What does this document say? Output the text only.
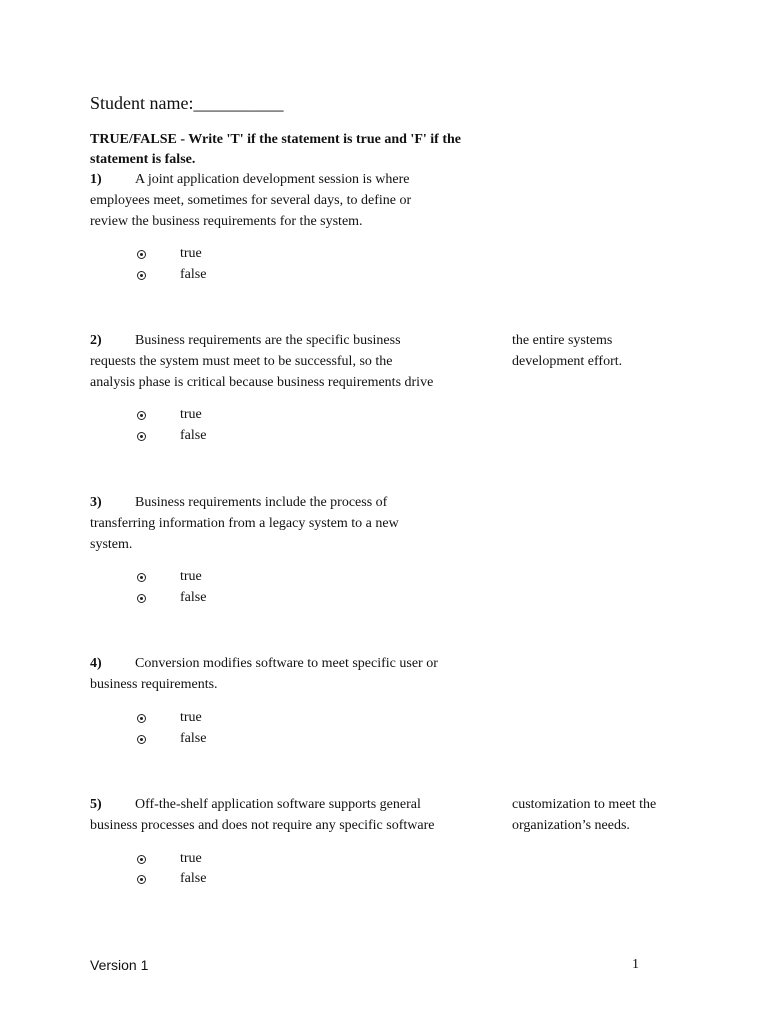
Student name:__________
TRUE/FALSE - Write 'T' if the statement is true and 'F' if the statement is false.
1) A joint application development session is where
employees meet, sometimes for several days, to define or
review the business requirements for the system.
true
false
2) Business requirements are the specific business
requests the system must meet to be successful, so the
analysis phase is critical because business requirements drive
the entire systems
development effort.
true
false
3) Business requirements include the process of
transferring information from a legacy system to a new
system.
true
false
4) Conversion modifies software to meet specific user or
business requirements.
true
false
5) Off-the-shelf application software supports general
business processes and does not require any specific software
customization to meet the
organization’s needs.
true
false
Version 1	1
